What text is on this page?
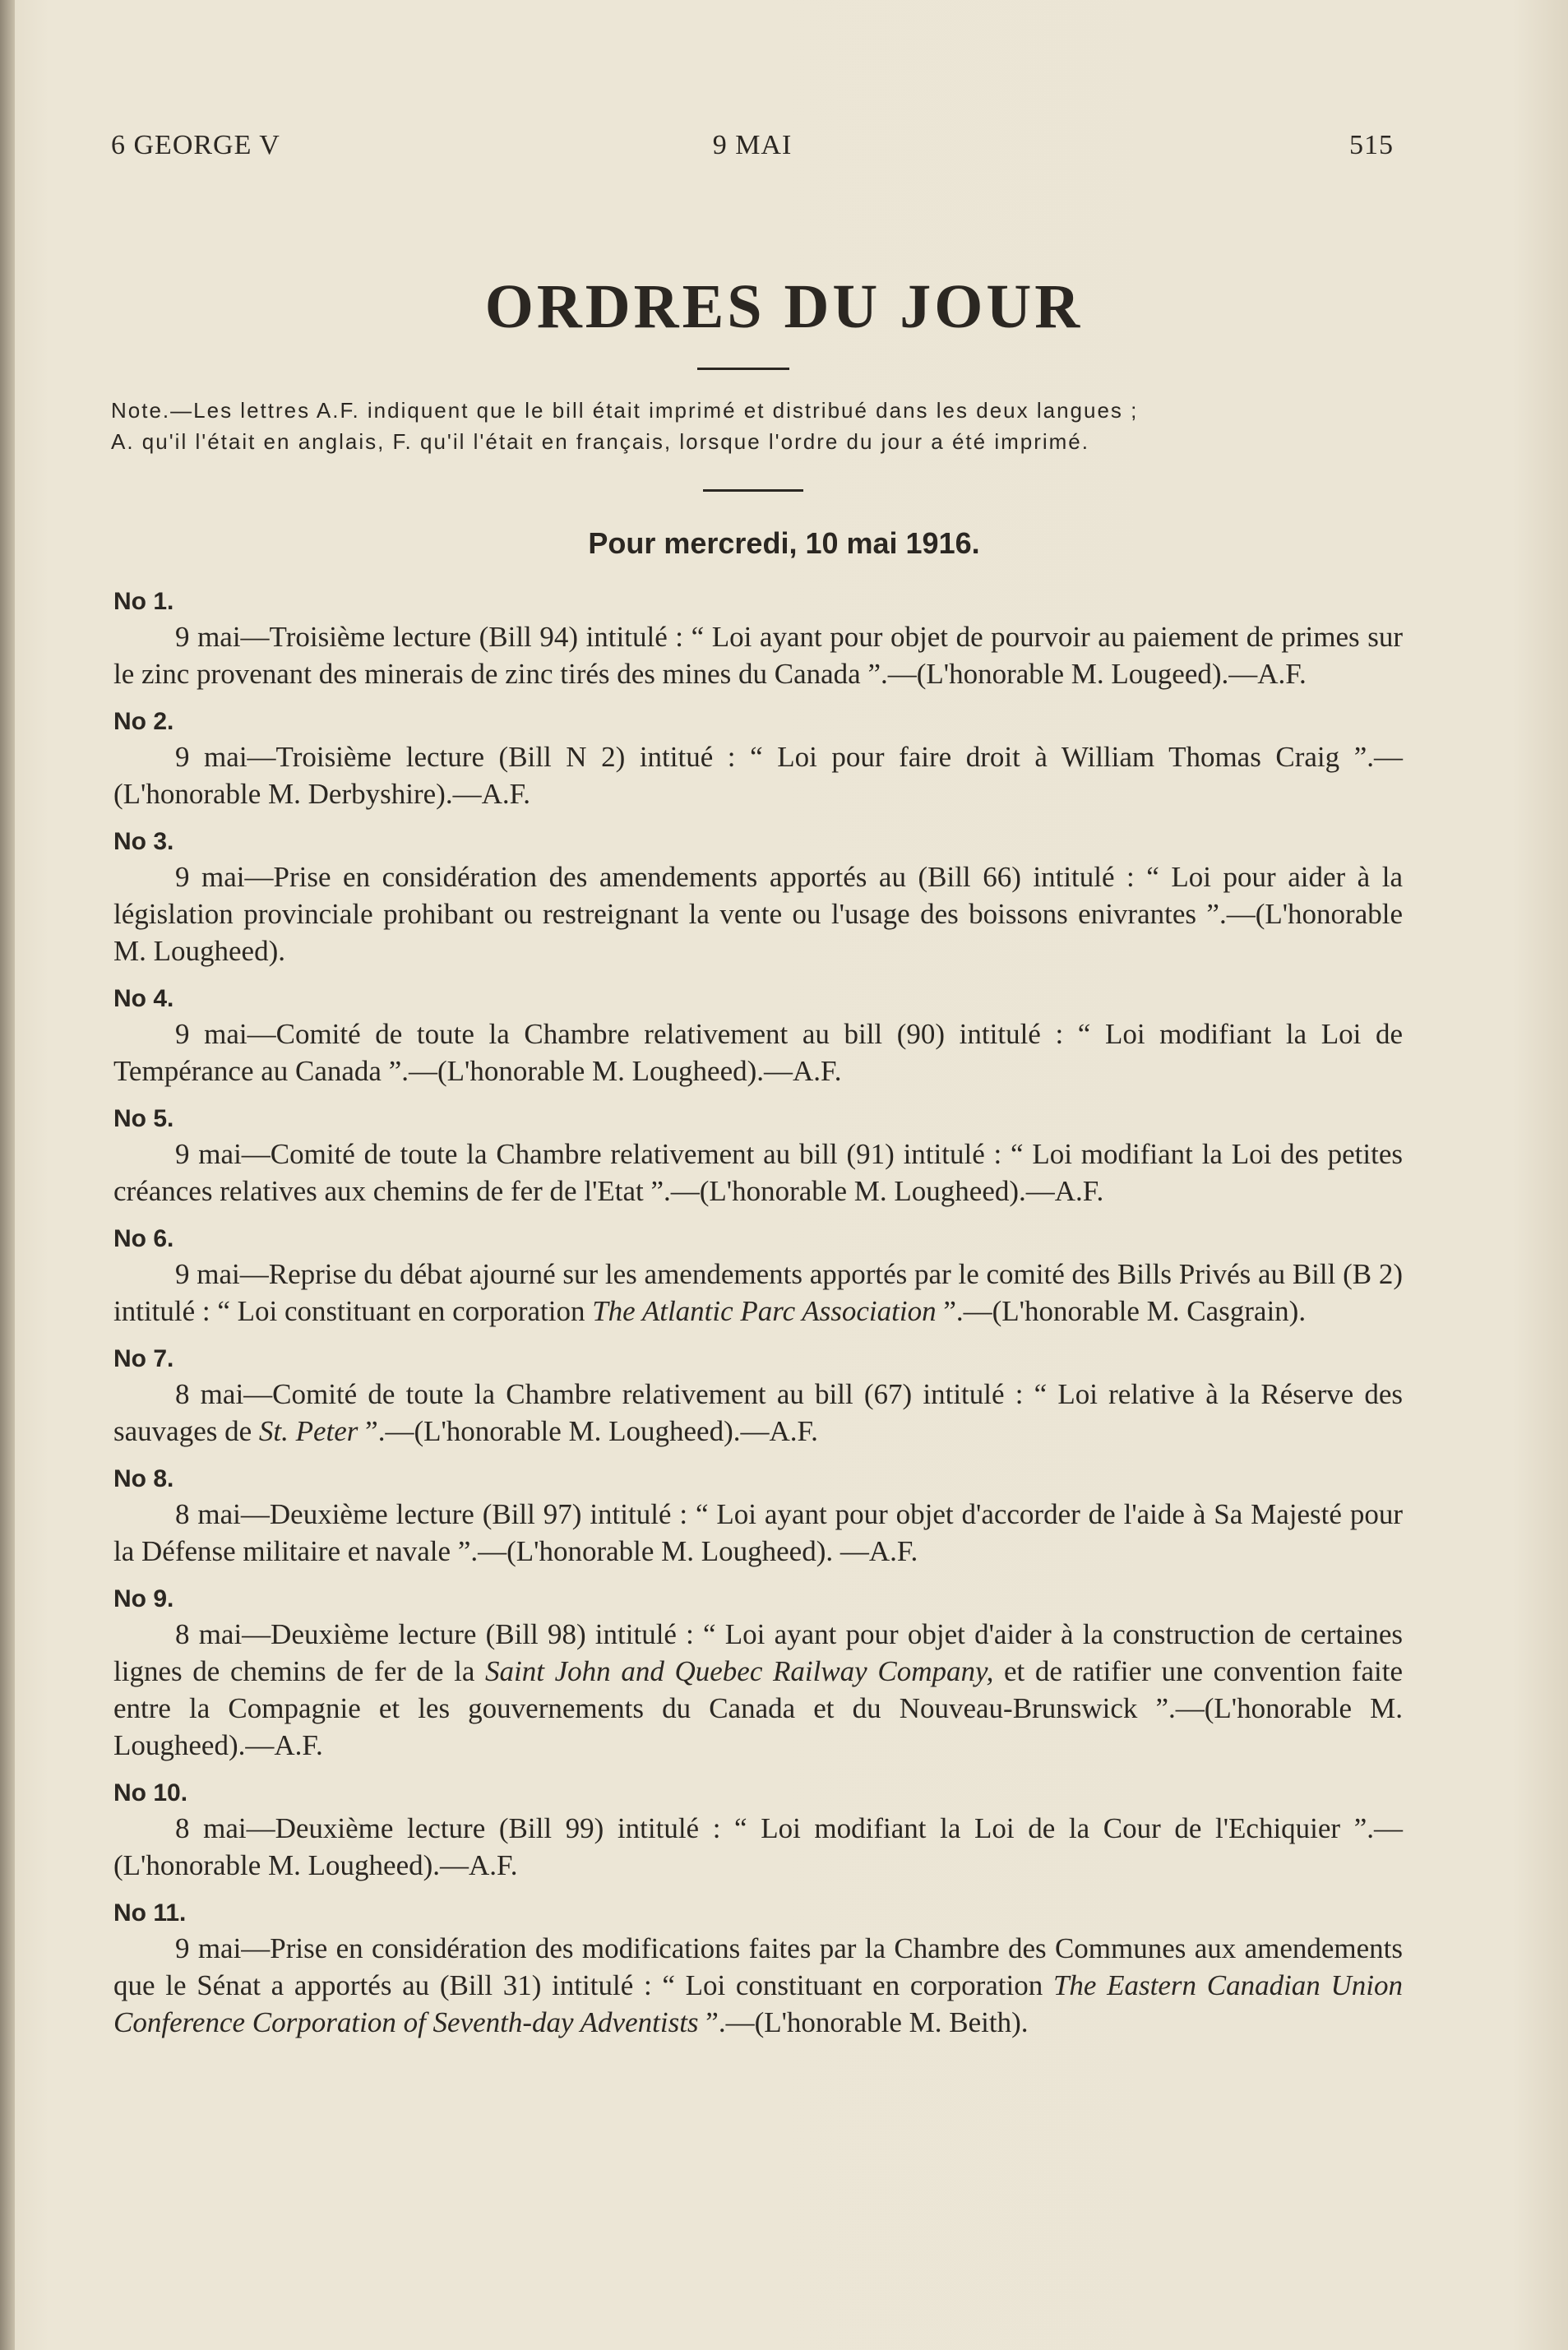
6 GEORGE V	9 MAI	515
ORDRES DU JOUR
Note.—Les lettres A.F. indiquent que le bill était imprimé et distribué dans les deux langues ;
A. qu'il l'était en anglais, F. qu'il l'était en français, lorsque l'ordre du jour a été imprimé.
Pour mercredi, 10 mai 1916.
No 1.
9 mai—Troisième lecture (Bill 94) intitulé : “ Loi ayant pour objet de pourvoir au paiement de primes sur le zinc provenant des minerais de zinc tirés des mines du Canada ”.—(L'honorable M. Lougeed).—A.F.
No 2.
9 mai—Troisième lecture (Bill N 2) intitué : “ Loi pour faire droit à William Thomas Craig ”.—(L'honorable M. Derbyshire).—A.F.
No 3.
9 mai—Prise en considération des amendements apportés au (Bill 66) intitulé : “ Loi pour aider à la législation provinciale prohibant ou restreignant la vente ou l'usage des boissons enivrantes ”.—(L'honorable M. Lougheed).
No 4.
9 mai—Comité de toute la Chambre relativement au bill (90) intitulé : “ Loi modifiant la Loi de Tempérance au Canada ”.—(L'honorable M. Lougheed).—A.F.
No 5.
9 mai—Comité de toute la Chambre relativement au bill (91) intitulé : “ Loi modifiant la Loi des petites créances relatives aux chemins de fer de l'Etat ”.—(L'honorable M. Lougheed).—A.F.
No 6.
9 mai—Reprise du débat ajourné sur les amendements apportés par le comité des Bills Privés au Bill (B 2) intitulé : “ Loi constituant en corporation The Atlantic Parc Association ”.—(L'honorable M. Casgrain).
No 7.
8 mai—Comité de toute la Chambre relativement au bill (67) intitulé : “ Loi relative à la Réserve des sauvages de St. Peter ”.—(L'honorable M. Lougheed).—A.F.
No 8.
8 mai—Deuxième lecture (Bill 97) intitulé : “ Loi ayant pour objet d'accorder de l'aide à Sa Majesté pour la Défense militaire et navale ”.—(L'honorable M. Lougheed). —A.F.
No 9.
8 mai—Deuxième lecture (Bill 98) intitulé : “ Loi ayant pour objet d'aider à la construction de certaines lignes de chemins de fer de la Saint John and Quebec Railway Company, et de ratifier une convention faite entre la Compagnie et les gouvernements du Canada et du Nouveau-Brunswick ”.—(L'honorable M. Lougheed).—A.F.
No 10.
8 mai—Deuxième lecture (Bill 99) intitulé : “ Loi modifiant la Loi de la Cour de l'Echiquier ”.— (L'honorable M. Lougheed).—A.F.
No 11.
9 mai—Prise en considération des modifications faites par la Chambre des Communes aux amendements que le Sénat a apportés au (Bill 31) intitulé : “ Loi constituant en corporation The Eastern Canadian Union Conference Corporation of Seventh-day Adventists ”.—(L'honorable M. Beith).
